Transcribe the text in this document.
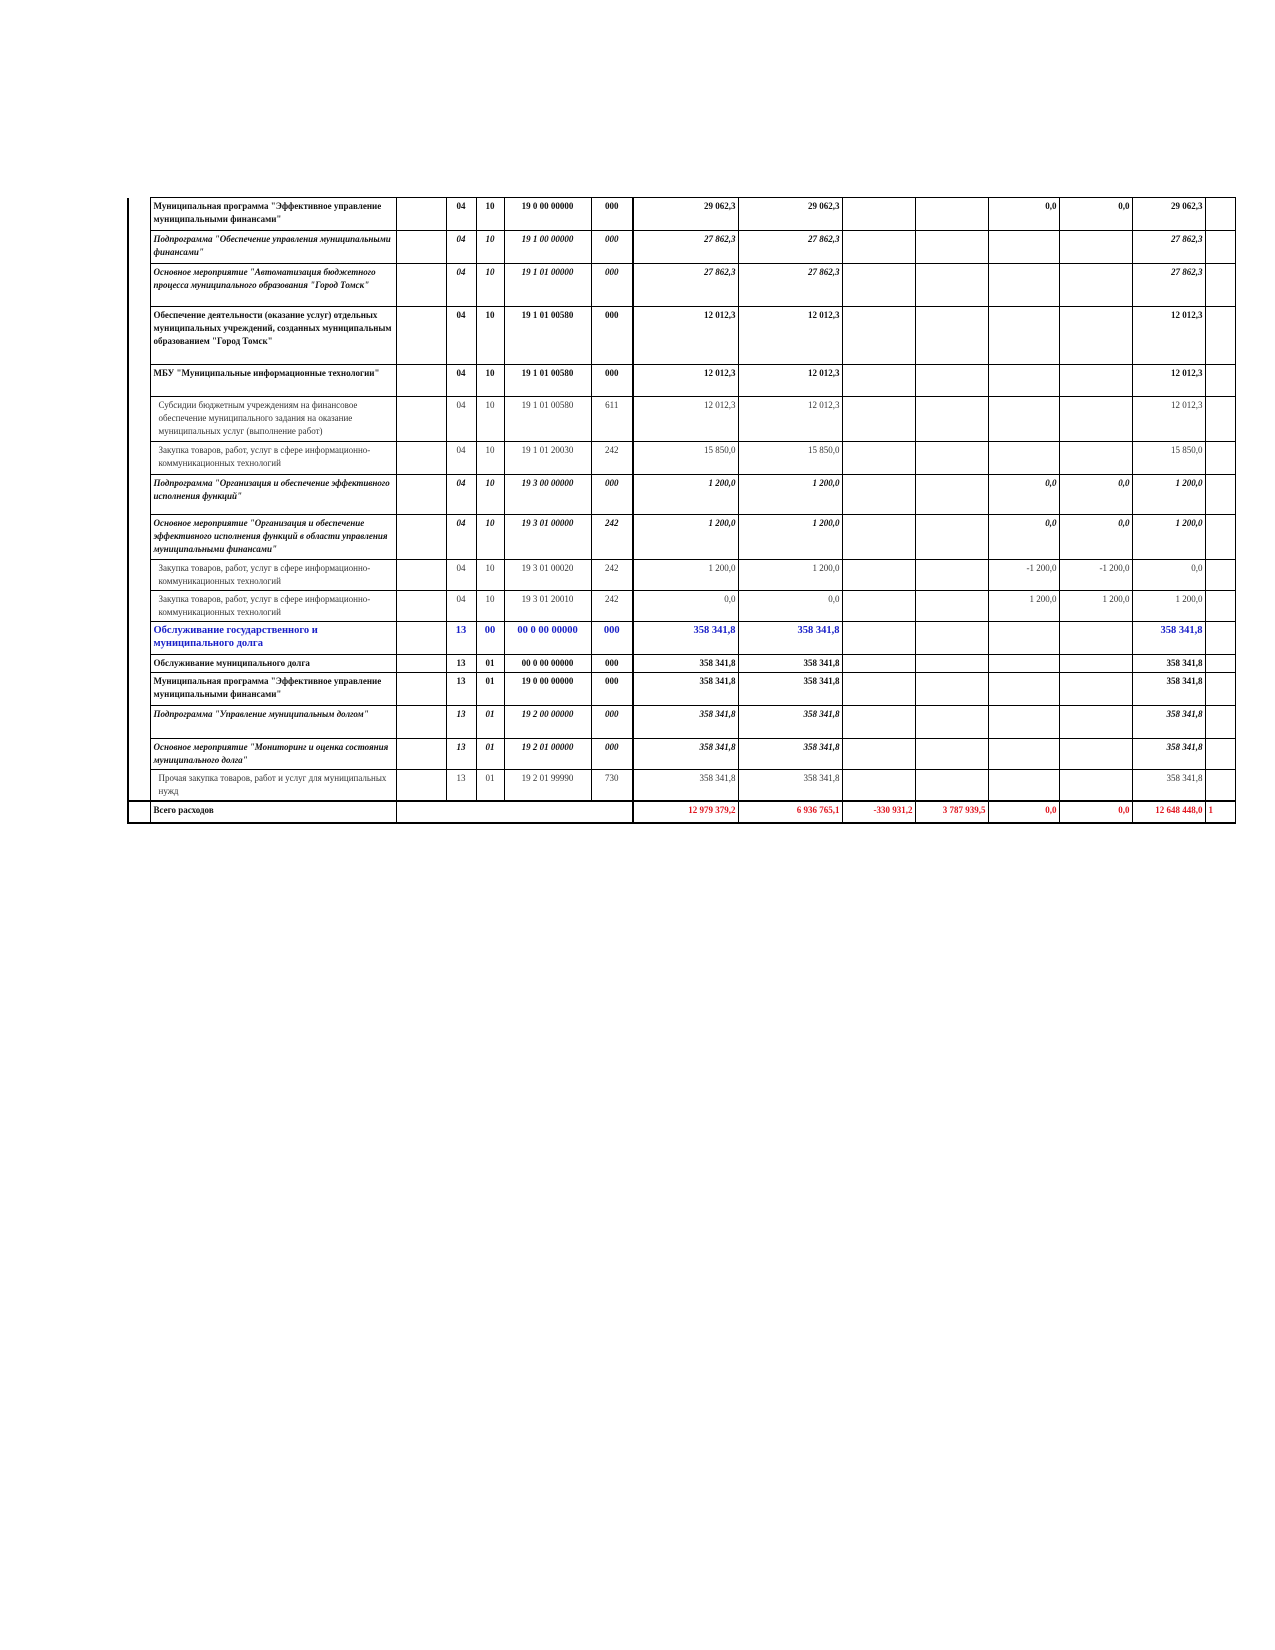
	Муниципальная программа "Эффективное управление муниципальными финансами"		04	10	19 0 00 00000	000	29 062,3	29 062,3			0,0	0,0	29 062,3	
	Подпрограмма "Обеспечение управления муниципальными финансами"		04	10	19 1 00 00000	000	27 862,3	27 862,3					27 862,3	
	Основное мероприятие "Автоматизация бюджетного процесса муниципального образования "Город Томск"		04	10	19 1 01 00000	000	27 862,3	27 862,3					27 862,3	
	Обеспечение деятельности (оказание услуг) отдельных муниципальных учреждений, созданных муниципальным образованием "Город Томск"		04	10	19 1 01 00580	000	12 012,3	12 012,3					12 012,3	
	МБУ "Муниципальные информационные технологии"		04	10	19 1 01 00580	000	12 012,3	12 012,3					12 012,3	
	Субсидии бюджетным учреждениям на финансовое обеспечение муниципального задания на оказание муниципальных услуг (выполнение работ)		04	10	19 1 01 00580	611	12 012,3	12 012,3					12 012,3	
	Закупка товаров, работ, услуг в сфере информационно-коммуникационных технологий		04	10	19 1 01 20030	242	15 850,0	15 850,0					15 850,0	
	Подпрограмма "Организация и обеспечение эффективного исполнения функций"		04	10	19 3 00 00000	000	1 200,0	1 200,0			0,0	0,0	1 200,0	
	Основное мероприятие "Организация и обеспечение эффективного исполнения функций в области управления муниципальными финансами"		04	10	19 3 01 00000	242	1 200,0	1 200,0			0,0	0,0	1 200,0	
	Закупка товаров, работ, услуг в сфере информационно-коммуникационных технологий		04	10	19 3 01 00020	242	1 200,0	1 200,0			-1 200,0	-1 200,0	0,0	
	Закупка товаров, работ, услуг в сфере информационно-коммуникационных технологий		04	10	19 3 01 20010	242	0,0	0,0			1 200,0	1 200,0	1 200,0	
	Обслуживание государственного и муниципального долга		13	00	00 0 00 00000	000	358 341,8	358 341,8					358 341,8	
	Обслуживание муниципального долга		13	01	00 0 00 00000	000	358 341,8	358 341,8					358 341,8	
	Муниципальная программа "Эффективное управление муниципальными финансами"		13	01	19 0 00 00000	000	358 341,8	358 341,8					358 341,8	
	Подпрограмма "Управление муниципальным долгом"		13	01	19 2 00 00000	000	358 341,8	358 341,8					358 341,8	
	Основное мероприятие "Мониторинг и оценка состояния муниципального долга"		13	01	19 2 01 00000	000	358 341,8	358 341,8					358 341,8	
	Прочая закупка товаров, работ и услуг для муниципальных нужд		13	01	19 2 01 99990	730	358 341,8	358 341,8					358 341,8	
	Всего расходов						12 979 379,2	6 936 765,1	-330 931,2	3 787 939,5	0,0	0,0	12 648 448,0	1
